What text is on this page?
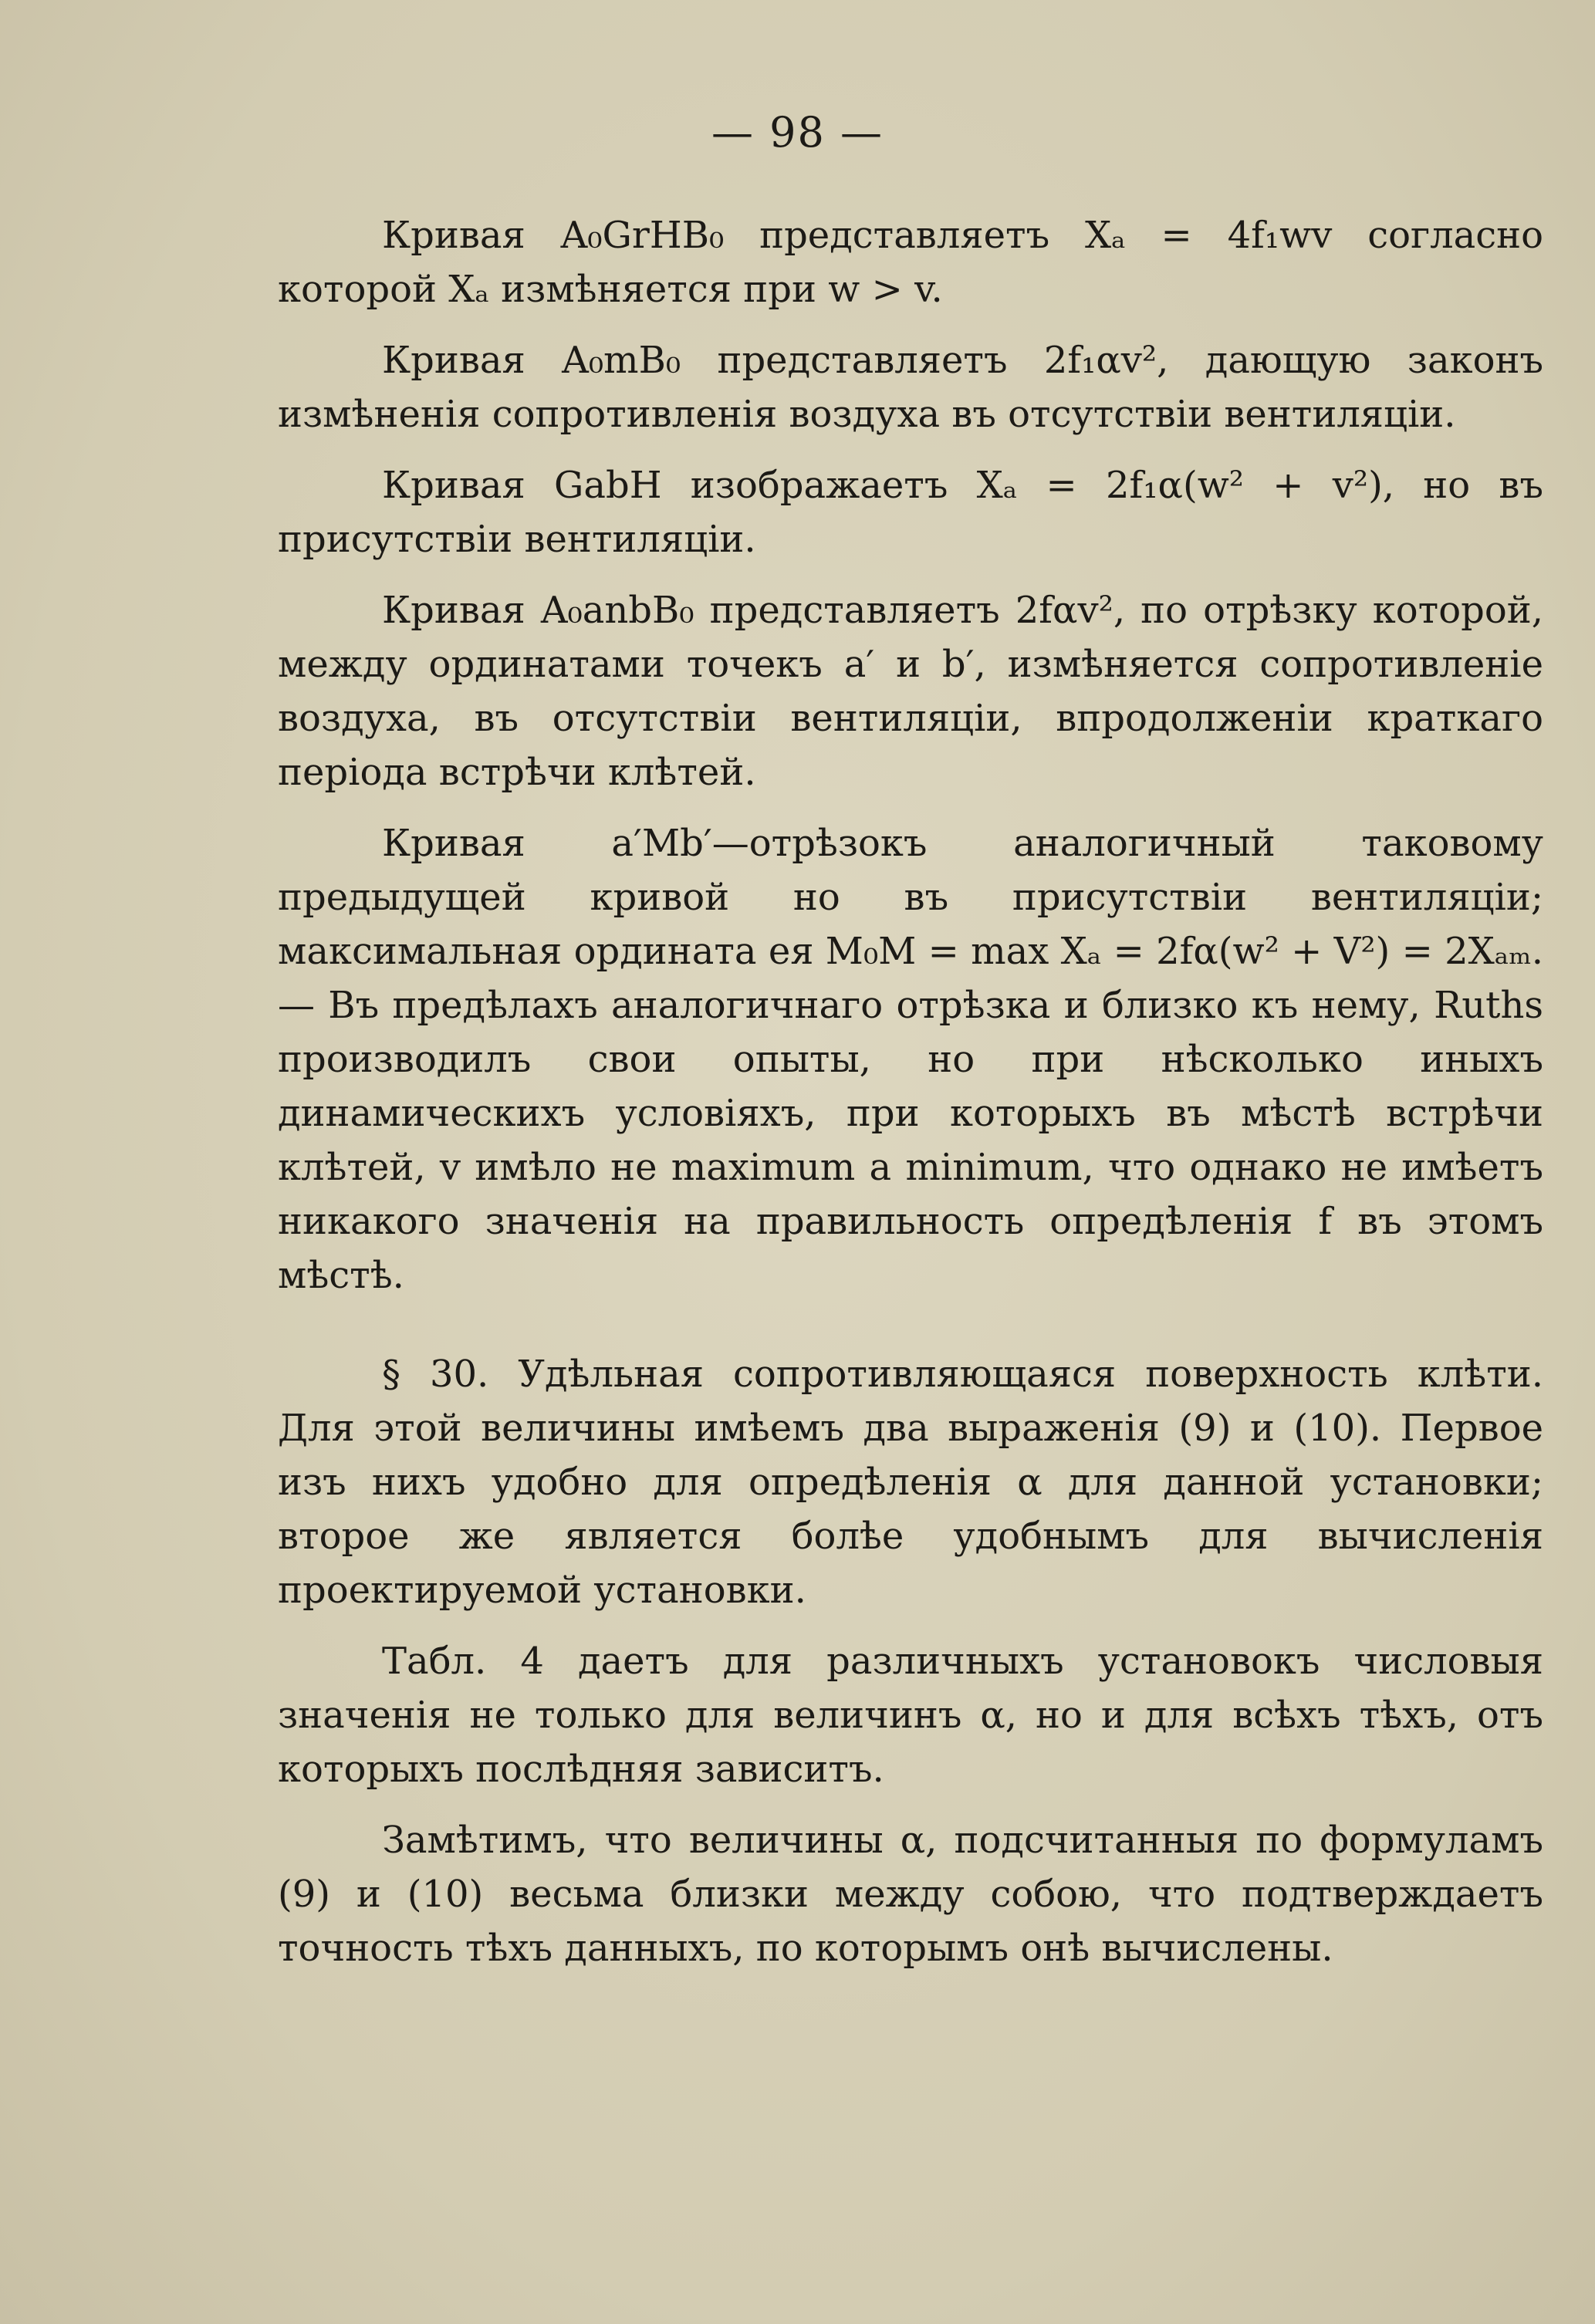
— 98 —

Кривая A₀GrHB₀ представляетъ Xₐ = 4f₁wv согласно которой Xₐ измѣняется при w > v.

Кривая A₀mB₀ представляетъ 2f₁αv², дающую законъ измѣненія сопротивленія воздуха въ отсутствіи вентиляціи.

Кривая GabH изображаетъ Xₐ = 2f₁α(w² + v²), но въ присутствіи вентиляціи.

Кривая A₀anbB₀ представляетъ 2fαv², по отрѣзку которой, между ординатами точекъ a′ и b′, измѣняется сопротивленіе воздуха, въ отсутствіи вентиляціи, впродолженіи краткаго періода встрѣчи клѣтей.

Кривая a′Mb′—отрѣзокъ аналогичный таковому предыдущей кривой но въ присутствіи вентиляціи; максимальная ордината ея M₀M = max Xₐ = 2fα(w² + V²) = 2Xₐₘ.— Въ предѣлахъ аналогичнаго отрѣзка и близко къ нему, Ruths производилъ свои опыты, но при нѣсколько иныхъ динамическихъ условіяхъ, при которыхъ въ мѣстѣ встрѣчи клѣтей, v имѣло не maximum a minimum, что однако не имѣетъ никакого значенія на правильность опредѣленія f въ этомъ мѣстѣ.

§ 30. Удѣльная сопротивляющаяся поверхность клѣти. Для этой величины имѣемъ два выраженія (9) и (10). Первое изъ нихъ удобно для опредѣленія α для данной установки; второе же является болѣе удобнымъ для вычисленія проектируемой установки.

Табл. 4 даетъ для различныхъ установокъ числовыя значенія не только для величинъ α, но и для всѣхъ тѣхъ, отъ которыхъ послѣдняя зависитъ.

Замѣтимъ, что величины α, подсчитанныя по формуламъ (9) и (10) весьма близки между собою, что подтверждаетъ точность тѣхъ данныхъ, по которымъ онѣ вычислены.
